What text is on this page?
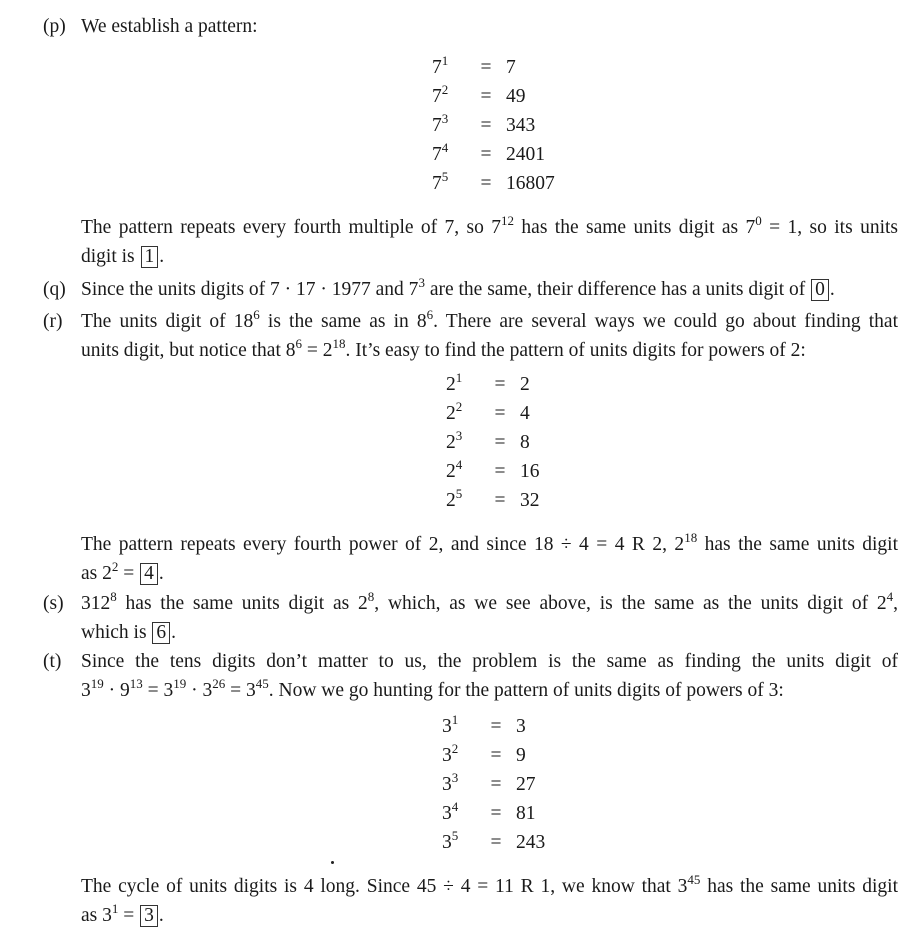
(p) We establish a pattern:
$7^1$	=	7
$7^2$	=	49
$7^3$	=	343
$7^4$	=	2401
$7^5$	=	16807
The pattern repeats every fourth multiple of 7, so $7^{12}$ has the same units digit as $7^0 = 1$, so its units
digit is 1 .
(q) Since the units digits of 7 · 17 · 1977 and $7^3$ are the same, their difference has a units digit of 0 .
(r) The units digit of $18^6$ is the same as in $8^6$. There are several ways we could go about finding that
units digit, but notice that $8^6 = 2^{18}$. It’s easy to find the pattern of units digits for powers of 2:
$2^1$	=	2
$2^2$	=	4
$2^3$	=	8
$2^4$	=	16
$2^5$	=	32
The pattern repeats every fourth power of 2, and since 18 ÷ 4 = 4 R 2, $2^{18}$ has the same units digit
as $2^2 = 4$ .
(s) $312^8$ has the same units digit as $2^8$, which, as we see above, is the same as the units digit of $2^4$,
which is 6 .
(t) Since the tens digits don’t matter to us, the problem is the same as finding the units digit of
$3^{19} \cdot 9^{13} = 3^{19} \cdot 3^{26} = 3^{45}$. Now we go hunting for the pattern of units digits of powers of 3:
$3^1$	=	3
$3^2$	=	9
$3^3$	=	27
$3^4$	=	81
$3^5$	=	243
The cycle of units digits is 4 long. Since 45 ÷ 4 = 11 R 1, we know that $3^{45}$ has the same units digit
as $3^1 = 3$ .
